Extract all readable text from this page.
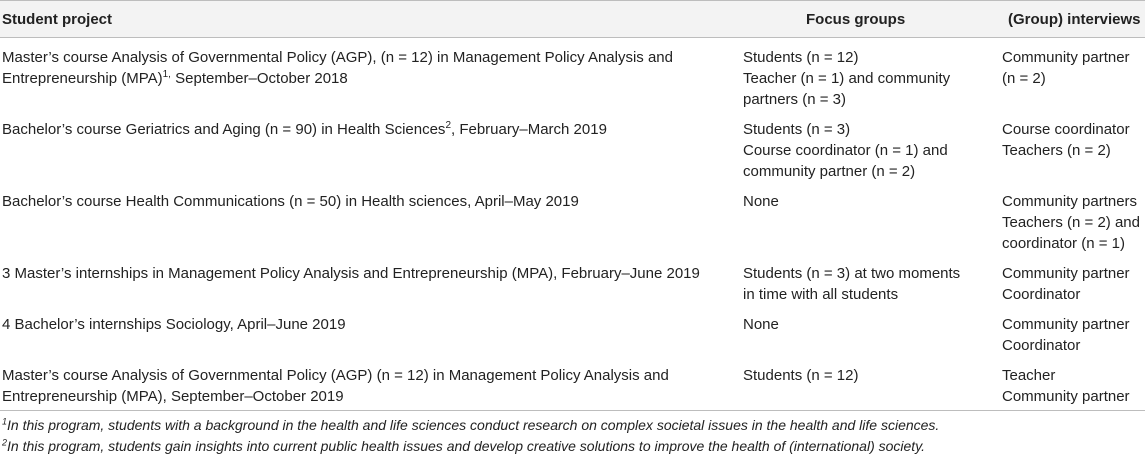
Student project	Focus groups	(Group) interviews

Master’s course Analysis of Governmental Policy (AGP), (n = 12) in Management Policy Analysis and
Entrepreneurship (MPA)$^{1,}$ September–October 2018	Students (n = 12)
Teacher (n = 1) and community
partners (n = 3)	Community partner
(n = 2)

Bachelor’s course Geriatrics and Aging (n = 90) in Health Sciences$^2$, February–March 2019	Students (n = 3)
Course coordinator (n = 1) and
community partner (n = 2)	Course coordinator
Teachers (n = 2)

Bachelor’s course Health Communications (n = 50) in Health sciences, April–May 2019	None	Community partners
Teachers (n = 2) and
coordinator (n = 1)

3 Master’s internships in Management Policy Analysis and Entrepreneurship (MPA), February–June 2019	Students (n = 3) at two moments
in time with all students	Community partner
Coordinator

4 Bachelor’s internships Sociology, April–June 2019	None	Community partner
Coordinator

Master’s course Analysis of Governmental Policy (AGP) (n = 12) in Management Policy Analysis and
Entrepreneurship (MPA), September–October 2019	Students (n = 12)	Teacher
Community partner
$^1$In this program, students with a background in the health and life sciences conduct research on complex societal issues in the health and life sciences.
$^2$In this program, students gain insights into current public health issues and develop creative solutions to improve the health of (international) society.
